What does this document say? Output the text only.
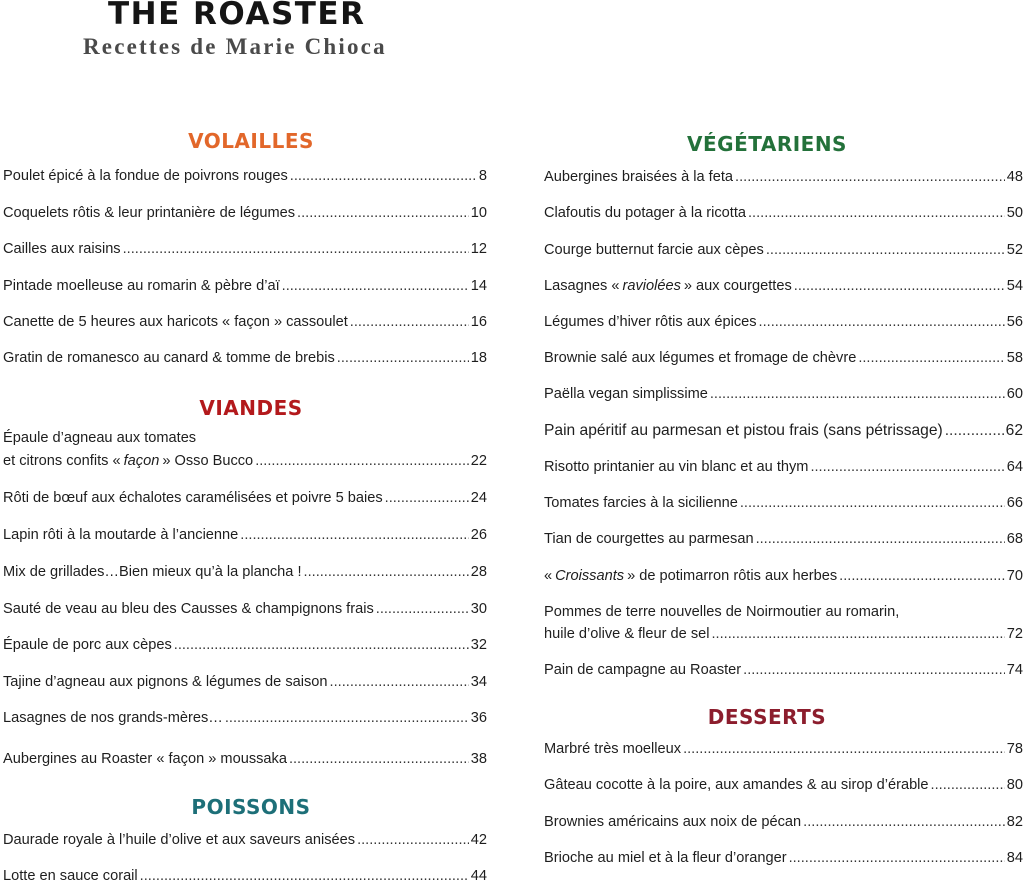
THE ROASTER
Recettes de Marie Chioca
VOLAILLES
Poulet épicé à la fondue de poivrons rouges .....	8
Coquelets rôtis & leur printanière de légumes .....	10
Cailles aux raisins .....	12
Pintade moelleuse au romarin & pèbre d’aï .....	14
Canette de 5 heures aux haricots « façon » cassoulet .....	16
Gratin de romanesco au canard & tomme de brebis .....	18
VIANDES
Épaule d’agneau aux tomates
et citrons confits « façon » Osso Bucco .....	22
Rôti de bœuf aux échalotes caramélisées et poivre 5 baies .....	24
Lapin rôti à la moutarde à l’ancienne .....	26
Mix de grillades…Bien mieux qu’à la plancha ! .....	28
Sauté de veau au bleu des Causses & champignons frais .....	30
Épaule de porc aux cèpes .....	32
Tajine d’agneau aux pignons & légumes de saison .....	34
Lasagnes de nos grands-mères… .....	36
Aubergines au Roaster « façon » moussaka .....	38
POISSONS
Daurade royale à l’huile d’olive et aux saveurs anisées .....	42
Lotte en sauce corail .....	44
VÉGÉTARIENS
Aubergines braisées à la feta .....	48
Clafoutis du potager à la ricotta .....	50
Courge butternut farcie aux cèpes .....	52
Lasagnes « raviolées » aux courgettes .....	54
Légumes d’hiver rôtis aux épices .....	56
Brownie salé aux légumes et fromage de chèvre .....	58
Paëlla vegan simplissime .....	60
Pain apéritif au parmesan et pistou frais (sans pétrissage) .....	62
Risotto printanier au vin blanc et au thym .....	64
Tomates farcies à la sicilienne .....	66
Tian de courgettes au parmesan .....	68
« Croissants » de potimarron rôtis aux herbes .....	70
Pommes de terre nouvelles de Noirmoutier au romarin,
huile d’olive & fleur de sel .....	72
Pain de campagne au Roaster .....	74
DESSERTS
Marbré très moelleux .....	78
Gâteau cocotte à la poire, aux amandes & au sirop d’érable .....	80
Brownies américains aux noix de pécan .....	82
Brioche au miel et à la fleur d’oranger .....	84
